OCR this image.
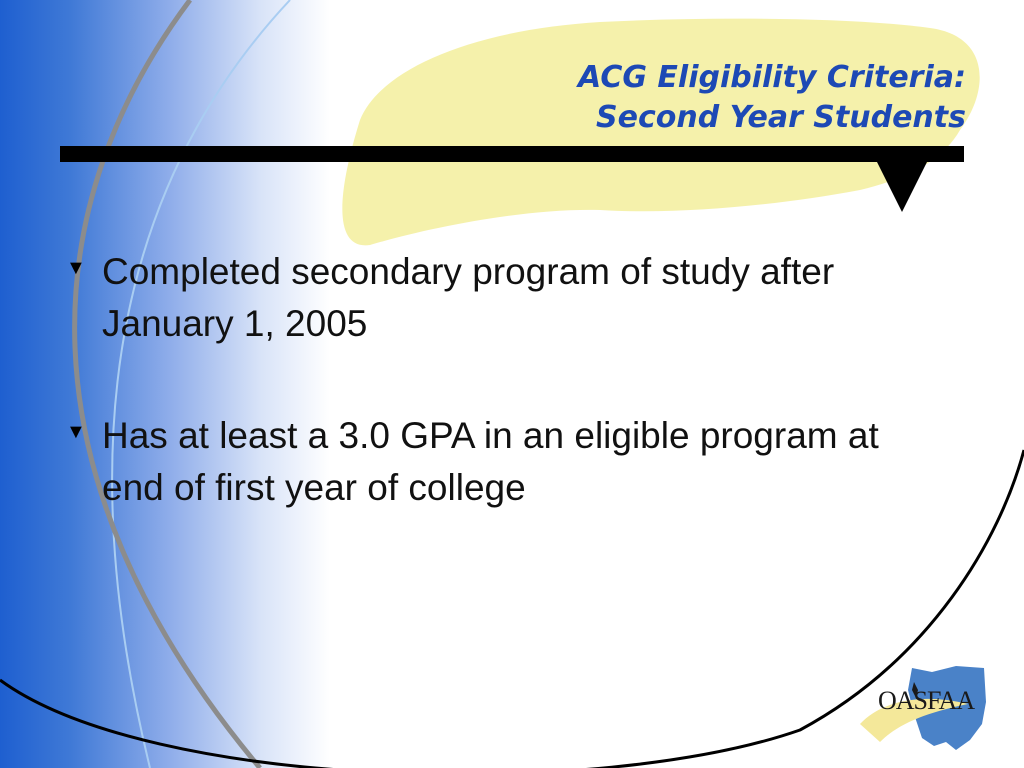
ACG Eligibility Criteria:
Second Year Students
▼ Completed secondary program of study after January 1, 2005
▼ Has at least a 3.0 GPA in an eligible program at end of first year of college
OASFAA
